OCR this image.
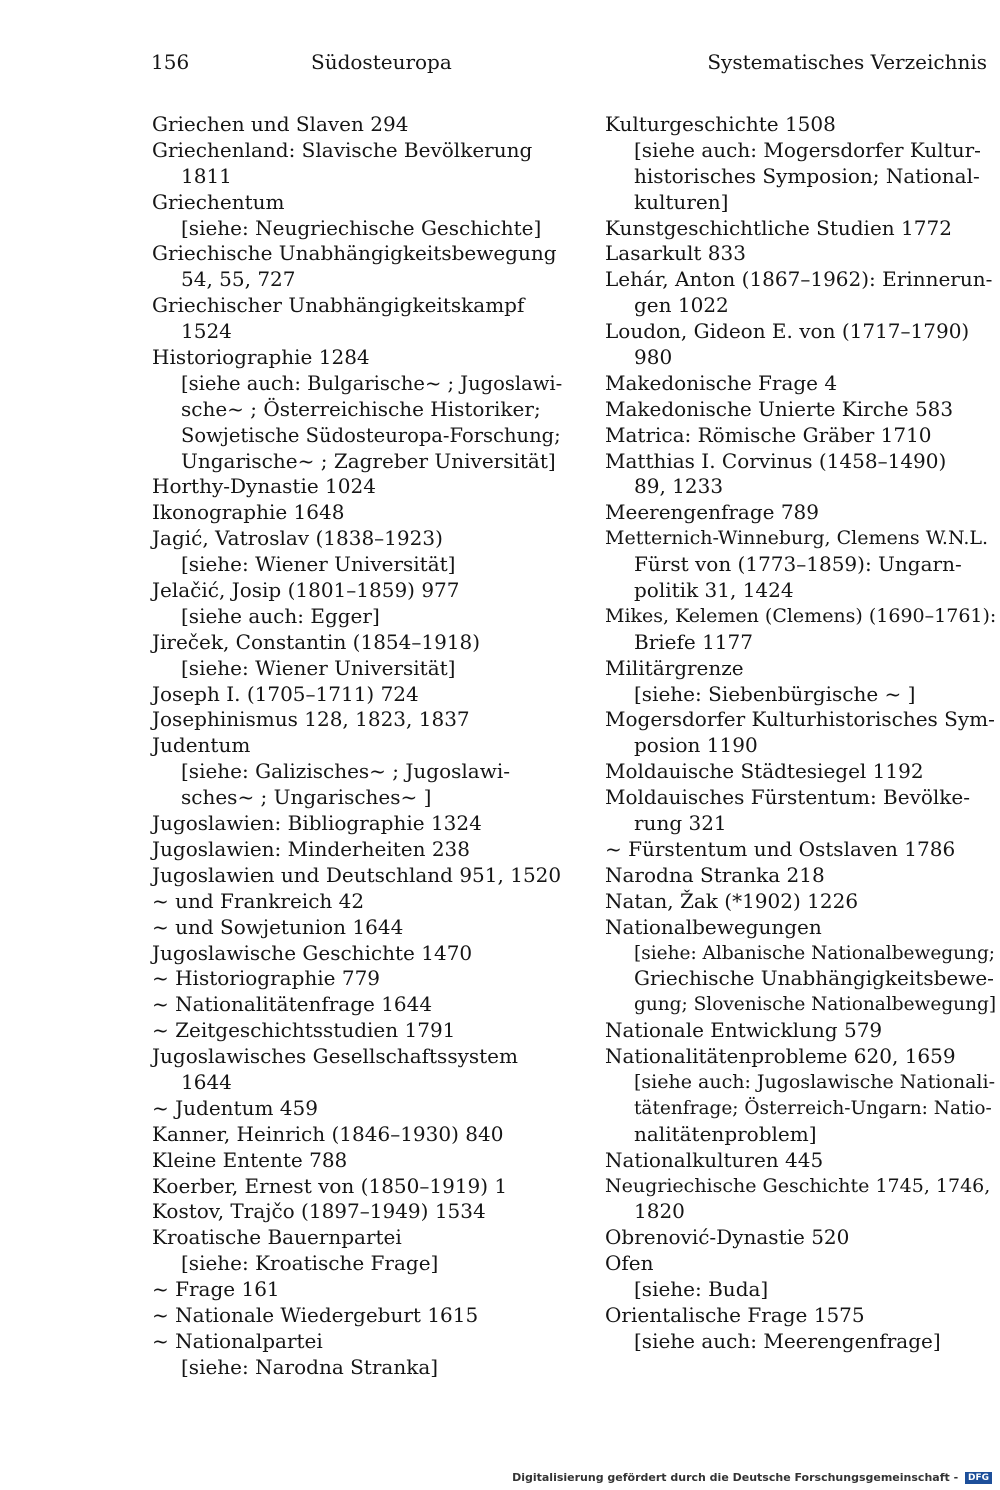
156	Südosteuropa	Systematisches Verzeichnis
Griechen und Slaven 294
Griechenland: Slavische Bevölkerung
1811
Griechentum
[siehe: Neugriechische Geschichte]
Griechische Unabhängigkeitsbewegung
54, 55, 727
Griechischer Unabhängigkeitskampf
1524
Historiographie 1284
[siehe auch: Bulgarische~ ; Jugoslawi-
sche~ ; Österreichische Historiker;
Sowjetische Südosteuropa-Forschung;
Ungarische~ ; Zagreber Universität]
Horthy-Dynastie 1024
Ikonographie 1648
Jagić, Vatroslav (1838–1923)
[siehe: Wiener Universität]
Jelačić, Josip (1801–1859) 977
[siehe auch: Egger]
Jireček, Constantin (1854–1918)
[siehe: Wiener Universität]
Joseph I. (1705–1711) 724
Josephinismus 128, 1823, 1837
Judentum
[siehe: Galizisches~ ; Jugoslawi-
sches~ ; Ungarisches~ ]
Jugoslawien: Bibliographie 1324
Jugoslawien: Minderheiten 238
Jugoslawien und Deutschland 951, 1520
~ und Frankreich 42
~ und Sowjetunion 1644
Jugoslawische Geschichte 1470
~ Historiographie 779
~ Nationalitätenfrage 1644
~ Zeitgeschichtsstudien 1791
Jugoslawisches Gesellschaftssystem
1644
~ Judentum 459
Kanner, Heinrich (1846–1930) 840
Kleine Entente 788
Koerber, Ernest von (1850–1919) 1
Kostov, Trajčo (1897–1949) 1534
Kroatische Bauernpartei
[siehe: Kroatische Frage]
~ Frage 161
~ Nationale Wiedergeburt 1615
~ Nationalpartei
[siehe: Narodna Stranka]
Kulturgeschichte 1508
[siehe auch: Mogersdorfer Kultur-
historisches Symposion; National-
kulturen]
Kunstgeschichtliche Studien 1772
Lasarkult 833
Lehár, Anton (1867–1962): Erinnerun-
gen 1022
Loudon, Gideon E. von (1717–1790)
980
Makedonische Frage 4
Makedonische Unierte Kirche 583
Matrica: Römische Gräber 1710
Matthias I. Corvinus (1458–1490)
89, 1233
Meerengenfrage 789
Metternich-Winneburg, Clemens W.N.L.
Fürst von (1773–1859): Ungarn-
politik 31, 1424
Mikes, Kelemen (Clemens) (1690–1761):
Briefe 1177
Militärgrenze
[siehe: Siebenbürgische ~ ]
Mogersdorfer Kulturhistorisches Sym-
posion 1190
Moldauische Städtesiegel 1192
Moldauisches Fürstentum: Bevölke-
rung 321
~ Fürstentum und Ostslaven 1786
Narodna Stranka 218
Natan, Žak (*1902) 1226
Nationalbewegungen
[siehe: Albanische Nationalbewegung;
Griechische Unabhängigkeitsbewe-
gung; Slovenische Nationalbewegung]
Nationale Entwicklung 579
Nationalitätenprobleme 620, 1659
[siehe auch: Jugoslawische Nationali-
tätenfrage; Österreich-Ungarn: Natio-
nalitätenproblem]
Nationalkulturen 445
Neugriechische Geschichte 1745, 1746,
1820
Obrenović-Dynastie 520
Ofen
[siehe: Buda]
Orientalische Frage 1575
[siehe auch: Meerengenfrage]
Digitalisierung gefördert durch die Deutsche Forschungsgemeinschaft - DFG
